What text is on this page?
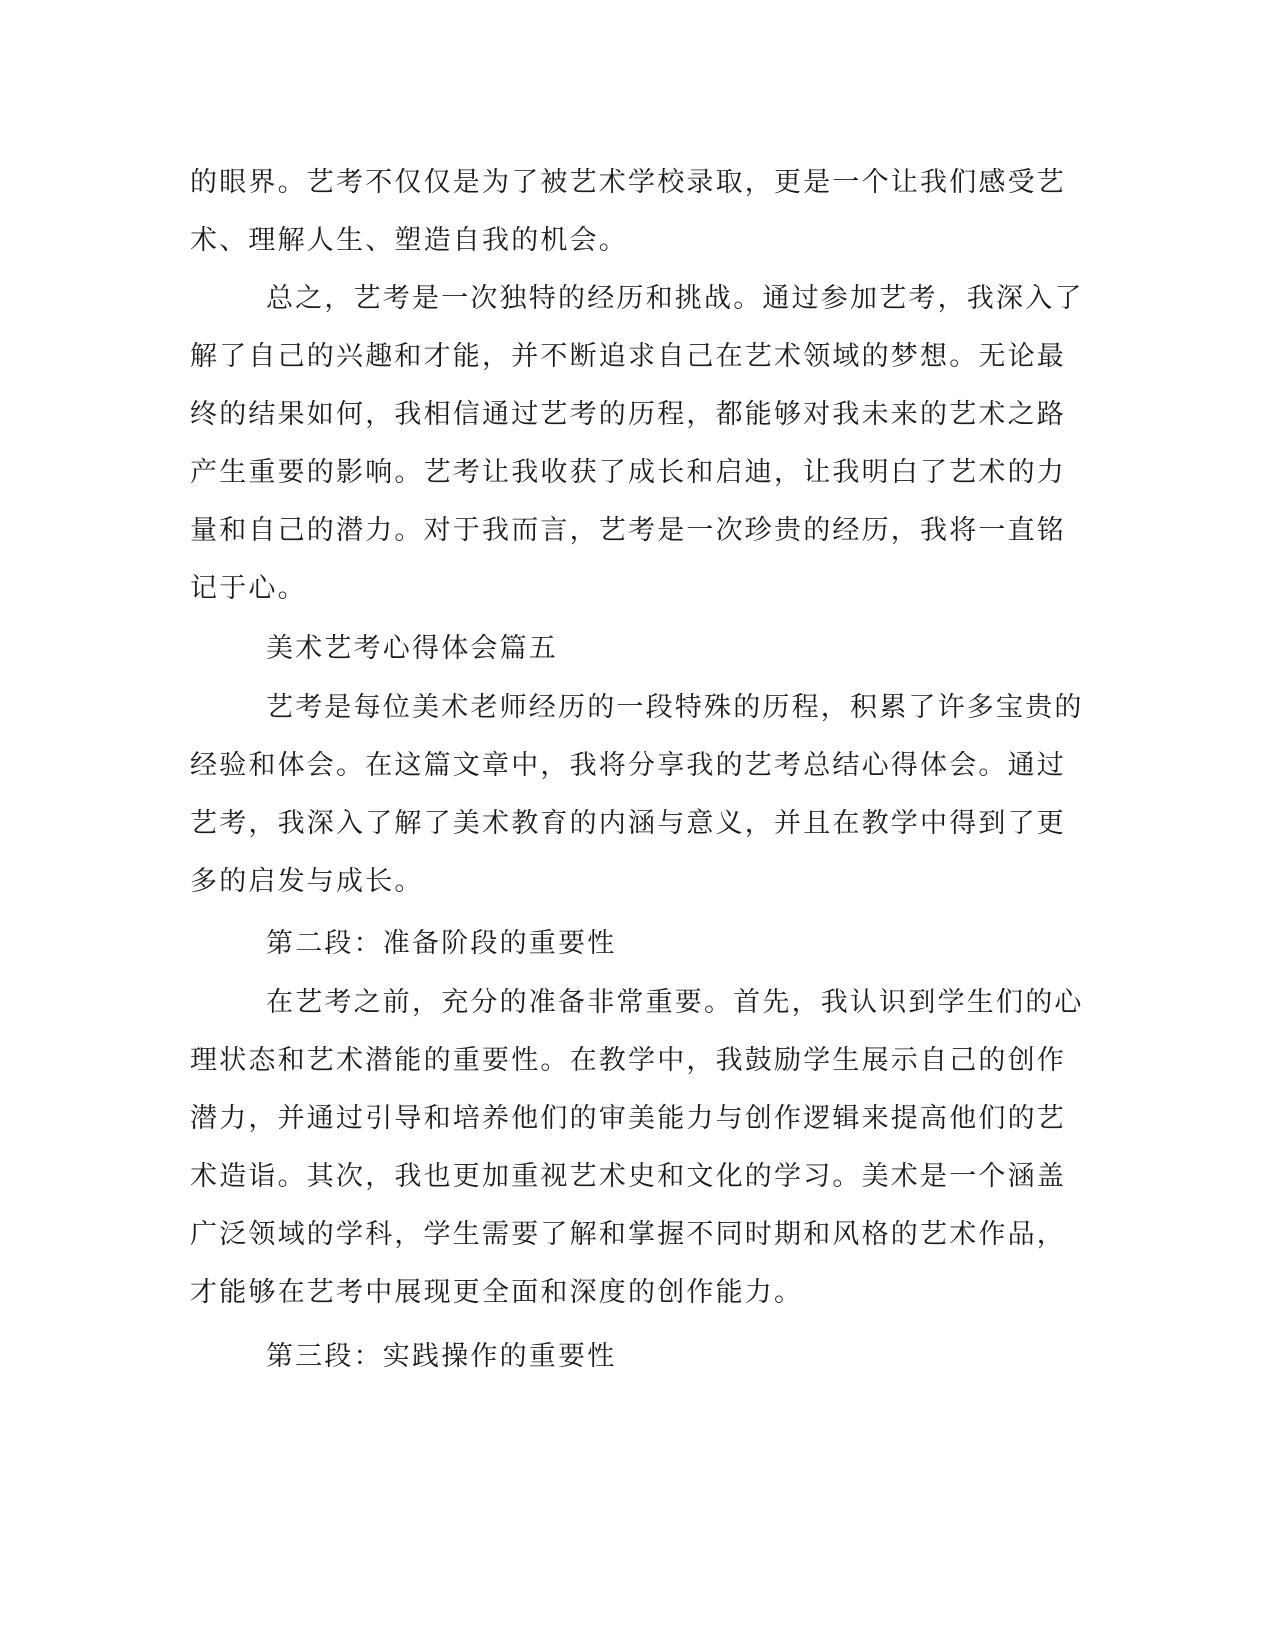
的眼界。艺考不仅仅是为了被艺术学校录取，更是一个让我们感受艺
术、理解人生、塑造自我的机会。
总之，艺考是一次独特的经历和挑战。通过参加艺考，我深入了
解了自己的兴趣和才能，并不断追求自己在艺术领域的梦想。无论最
终的结果如何，我相信通过艺考的历程，都能够对我未来的艺术之路
产生重要的影响。艺考让我收获了成长和启迪，让我明白了艺术的力
量和自己的潜力。对于我而言，艺考是一次珍贵的经历，我将一直铭
记于心。
美术艺考心得体会篇五
艺考是每位美术老师经历的一段特殊的历程，积累了许多宝贵的
经验和体会。在这篇文章中，我将分享我的艺考总结心得体会。通过
艺考，我深入了解了美术教育的内涵与意义，并且在教学中得到了更
多的启发与成长。
第二段：准备阶段的重要性
在艺考之前，充分的准备非常重要。首先，我认识到学生们的心
理状态和艺术潜能的重要性。在教学中，我鼓励学生展示自己的创作
潜力，并通过引导和培养他们的审美能力与创作逻辑来提高他们的艺
术造诣。其次，我也更加重视艺术史和文化的学习。美术是一个涵盖
广泛领域的学科，学生需要了解和掌握不同时期和风格的艺术作品，
才能够在艺考中展现更全面和深度的创作能力。
第三段：实践操作的重要性
